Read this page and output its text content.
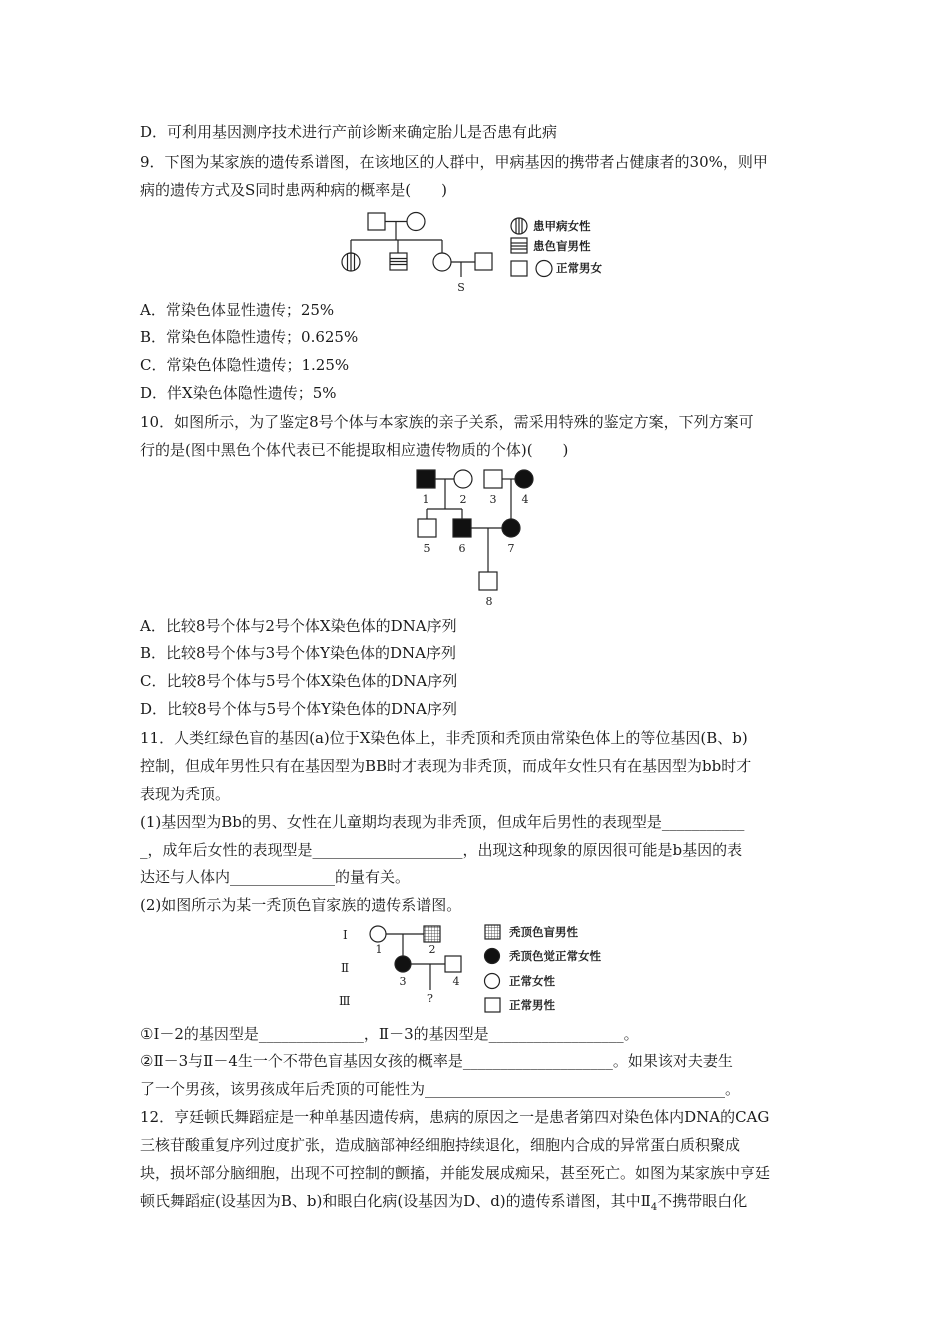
D．可利用基因测序技术进行产前诊断来确定胎儿是否患有此病
9．下图为某家族的遗传系谱图，在该地区的人群中，甲病基因的携带者占健康者的30%，则甲
病的遗传方式及S同时患两种病的概率是(　　)
S
患甲病女性
患色盲男性
正常男女
A．常染色体显性遗传；25%
B．常染色体隐性遗传；0.625%
C．常染色体隐性遗传；1.25%
D．伴X染色体隐性遗传；5%
10．如图所示，为了鉴定8号个体与本家族的亲子关系，需采用特殊的鉴定方案，下列方案可
行的是(图中黑色个体代表已不能提取相应遗传物质的个体)(　　)
1	2 3 4
5	6	7
8
A．比较8号个体与2号个体X染色体的DNA序列
B．比较8号个体与3号个体Y染色体的DNA序列
C．比较8号个体与5号个体X染色体的DNA序列
D．比较8号个体与5号个体Y染色体的DNA序列
11．人类红绿色盲的基因(a)位于X染色体上，非秃顶和秃顶由常染色体上的等位基因(B、b)
控制，但成年男性只有在基因型为BB时才表现为非秃顶，而成年女性只有在基因型为bb时才
表现为秃顶。
(1)基因型为Bb的男、女性在儿童期均表现为非秃顶，但成年后男性的表现型是___________
_，成年后女性的表现型是____________________，出现这种现象的原因很可能是b基因的表
达还与人体内______________的量有关。
(2)如图所示为某一秃顶色盲家族的遗传系谱图。
Ⅰ
Ⅱ
Ⅲ
1	2
3	4
?
秃顶色盲男性
秃顶色觉正常女性
正常女性
正常男性
①Ⅰ－2的基因型是______________，Ⅱ－3的基因型是__________________。
②Ⅱ－3与Ⅱ－4生一个不带色盲基因女孩的概率是____________________。如果该对夫妻生
了一个男孩，该男孩成年后秃顶的可能性为________________________________________。
12．亨廷顿氏舞蹈症是一种单基因遗传病，患病的原因之一是患者第四对染色体内DNA的CAG
三核苷酸重复序列过度扩张，造成脑部神经细胞持续退化，细胞内合成的异常蛋白质积聚成
块，损坏部分脑细胞，出现不可控制的颤搐，并能发展成痴呆，甚至死亡。如图为某家族中亨廷
顿氏舞蹈症(设基因为B、b)和眼白化病(设基因为D、d)的遗传系谱图，其中$Ⅱ_4$不携带眼白化
